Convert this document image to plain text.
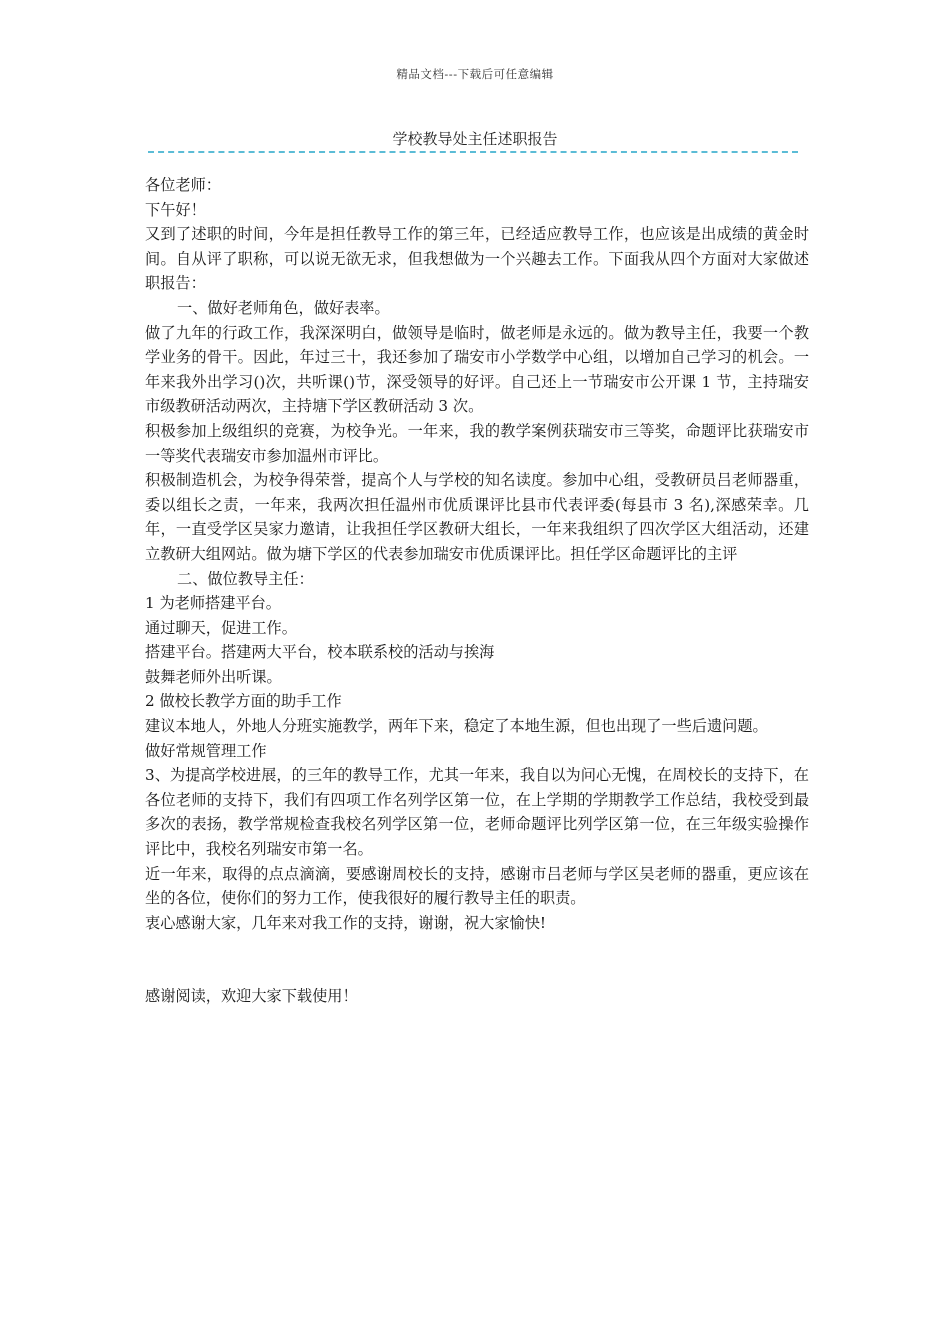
精品文档---下载后可任意编辑
学校教导处主任述职报告

各位老师：

下午好！

又到了述职的时间，今年是担任教导工作的第三年，已经适应教导工作，也应该是出成绩的黄金时间。自从评了职称，可以说无欲无求，但我想做为一个兴趣去工作。下面我从四个方面对大家做述职报告：

一、做好老师角色，做好表率。

做了九年的行政工作，我深深明白，做领导是临时，做老师是永远的。做为教导主任，我要一个教学业务的骨干。因此，年过三十，我还参加了瑞安市小学数学中心组，以增加自己学习的机会。一年来我外出学习()次，共听课()节，深受领导的好评。自己还上一节瑞安市公开课 1 节，主持瑞安市级教研活动两次，主持塘下学区教研活动 3 次。

积极参加上级组织的竞赛，为校争光。一年来，我的教学案例获瑞安市三等奖，命题评比获瑞安市一等奖代表瑞安市参加温州市评比。

积极制造机会，为校争得荣誉，提高个人与学校的知名读度。参加中心组，受教研员吕老师器重，委以组长之责，一年来，我两次担任温州市优质课评比县市代表评委(每县市 3 名),深感荣幸。几年，一直受学区吴家力邀请，让我担任学区教研大组长，一年来我组织了四次学区大组活动，还建立教研大组网站。做为塘下学区的代表参加瑞安市优质课评比。担任学区命题评比的主评

二、做位教导主任：

1 为老师搭建平台。

通过聊天，促进工作。

搭建平台。搭建两大平台，校本联系校的活动与挨海

鼓舞老师外出听课。

2 做校长教学方面的助手工作

建议本地人，外地人分班实施教学，两年下来，稳定了本地生源，但也出现了一些后遗问题。

做好常规管理工作

3、为提高学校进展，的三年的教导工作，尤其一年来，我自以为问心无愧，在周校长的支持下，在各位老师的支持下，我们有四项工作名列学区第一位，在上学期的学期教学工作总结，我校受到最多次的表扬，教学常规检查我校名列学区第一位，老师命题评比列学区第一位，在三年级实验操作评比中，我校名列瑞安市第一名。

近一年来，取得的点点滴滴，要感谢周校长的支持，感谢市吕老师与学区吴老师的器重，更应该在坐的各位，使你们的努力工作，使我很好的履行教导主任的职责。

衷心感谢大家，几年来对我工作的支持，谢谢，祝大家愉快!

感谢阅读，欢迎大家下载使用！
